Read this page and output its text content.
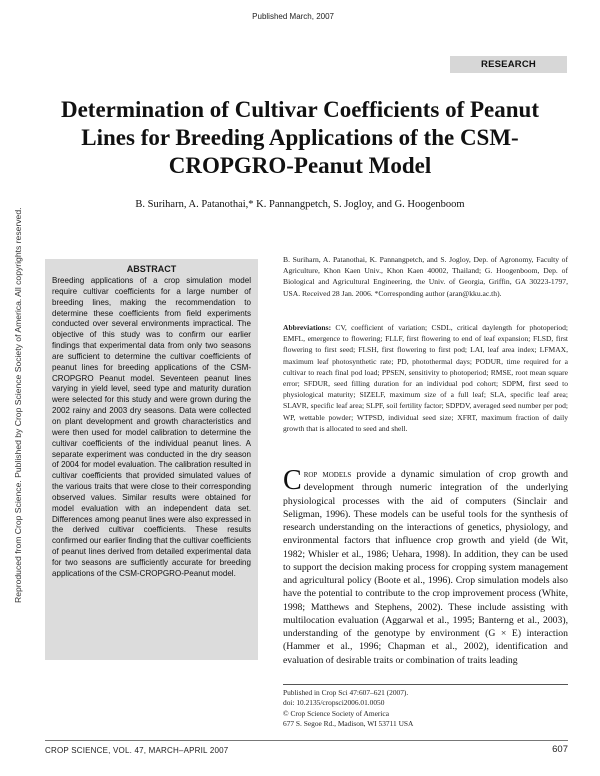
Published March, 2007
Reproduced from Crop Science. Published by Crop Science Society of America. All copyrights reserved.
RESEARCH
Determination of Cultivar Coefficients of Peanut Lines for Breeding Applications of the CSM-CROPGRO-Peanut Model
B. Suriharn, A. Patanothai,* K. Pannangpetch, S. Jogloy, and G. Hoogenboom
ABSTRACT

Breeding applications of a crop simulation model require cultivar coefficients for a large number of breeding lines, making the recommendation to determine these coefficients from field experiments conducted over several environments impractical. The objective of this study was to confirm our earlier findings that experimental data from only two seasons are sufficient to determine the cultivar coefficients of peanut lines for breeding applications of the CSM-CROPGRO Peanut model. Seventeen peanut lines varying in yield level, seed type and maturity duration were selected for this study and were grown during the 2002 rainy and 2003 dry seasons. Data were collected on plant development and growth characteristics and were then used for model calibration to determine the cultivar coefficients of the individual peanut lines. A separate experiment was conducted in the dry season of 2004 for model evaluation. The calibration resulted in cultivar coefficients that provided simulated values of the various traits that were close to their corresponding observed values. Similar results were obtained for model evaluation with an independent data set. Differences among peanut lines were also expressed in the derived cultivar coefficients. These results confirmed our earlier finding that the cultivar coefficients of peanut lines derived from detailed experimental data for two seasons are sufficiently accurate for breeding applications of the CSM-CROPGRO-Peanut model.

B. Suriharn, A. Patanothai, K. Pannangpetch, and S. Jogloy, Dep. of Agronomy, Faculty of Agriculture, Khon Kaen Univ., Khon Kaen 40002, Thailand; G. Hoogenboom, Dep. of Biological and Agricultural Engineering, the Univ. of Georgia, Griffin, GA 30223-1797, USA. Received 28 Jan. 2006. *Corresponding author (aran@kku.ac.th).

Abbreviations: CV, coefficient of variation; CSDL, critical daylength for photoperiod; EMFL, emergence to flowering; FLLF, first flowering to end of leaf expansion; FLSD, first flowering to first seed; FLSH, first flowering to first pod; LAI, leaf area index; LFMAX, maximum leaf photosynthetic rate; PD, photothermal days; PODUR, time required for a cultivar to reach final pod load; PPSEN, sensitivity to photoperiod; RMSE, root mean square error; SFDUR, seed filling duration for an individual pod cohort; SDPM, first seed to physiological maturity; SIZELF, maximum size of a full leaf; SLA, specific leaf area; SLAVR, specific leaf area; SLPF, soil fertility factor; SDPDV, averaged seed number per pod; WP, wettable powder; WTPSD, individual seed size; XFRT, maximum fraction of daily growth that is allocated to seed and shell.

Crop models provide a dynamic simulation of crop growth and development through numeric integration of the underlying physiological processes with the aid of computers (Sinclair and Seligman, 1996). These models can be useful tools for the synthesis of research understanding on the interactions of genetics, physiology, and environmental factors that influence crop growth and yield (de Wit, 1982; Whisler et al., 1986; Uehara, 1998). In addition, they can be used to support the decision making process for cropping system management and agricultural policy (Boote et al., 1996). Crop simulation models also have the potential to contribute to the crop improvement process (White, 1998; Matthews and Stephens, 2002). These include assisting with multilocation evaluation (Aggarwal et al., 1995; Banterng et al., 2003), understanding of the genotype by environment (G × E) interaction (Hammer et al., 1996; Chapman et al., 2002), identification and evaluation of desirable traits or combination of traits leading

Published in Crop Sci 47:607–621 (2007).
doi: 10.2135/cropsci2006.01.0050
© Crop Science Society of America
677 S. Segoe Rd., Madison, WI 53711 USA
CROP SCIENCE, VOL. 47, MARCH–APRIL 2007	607
